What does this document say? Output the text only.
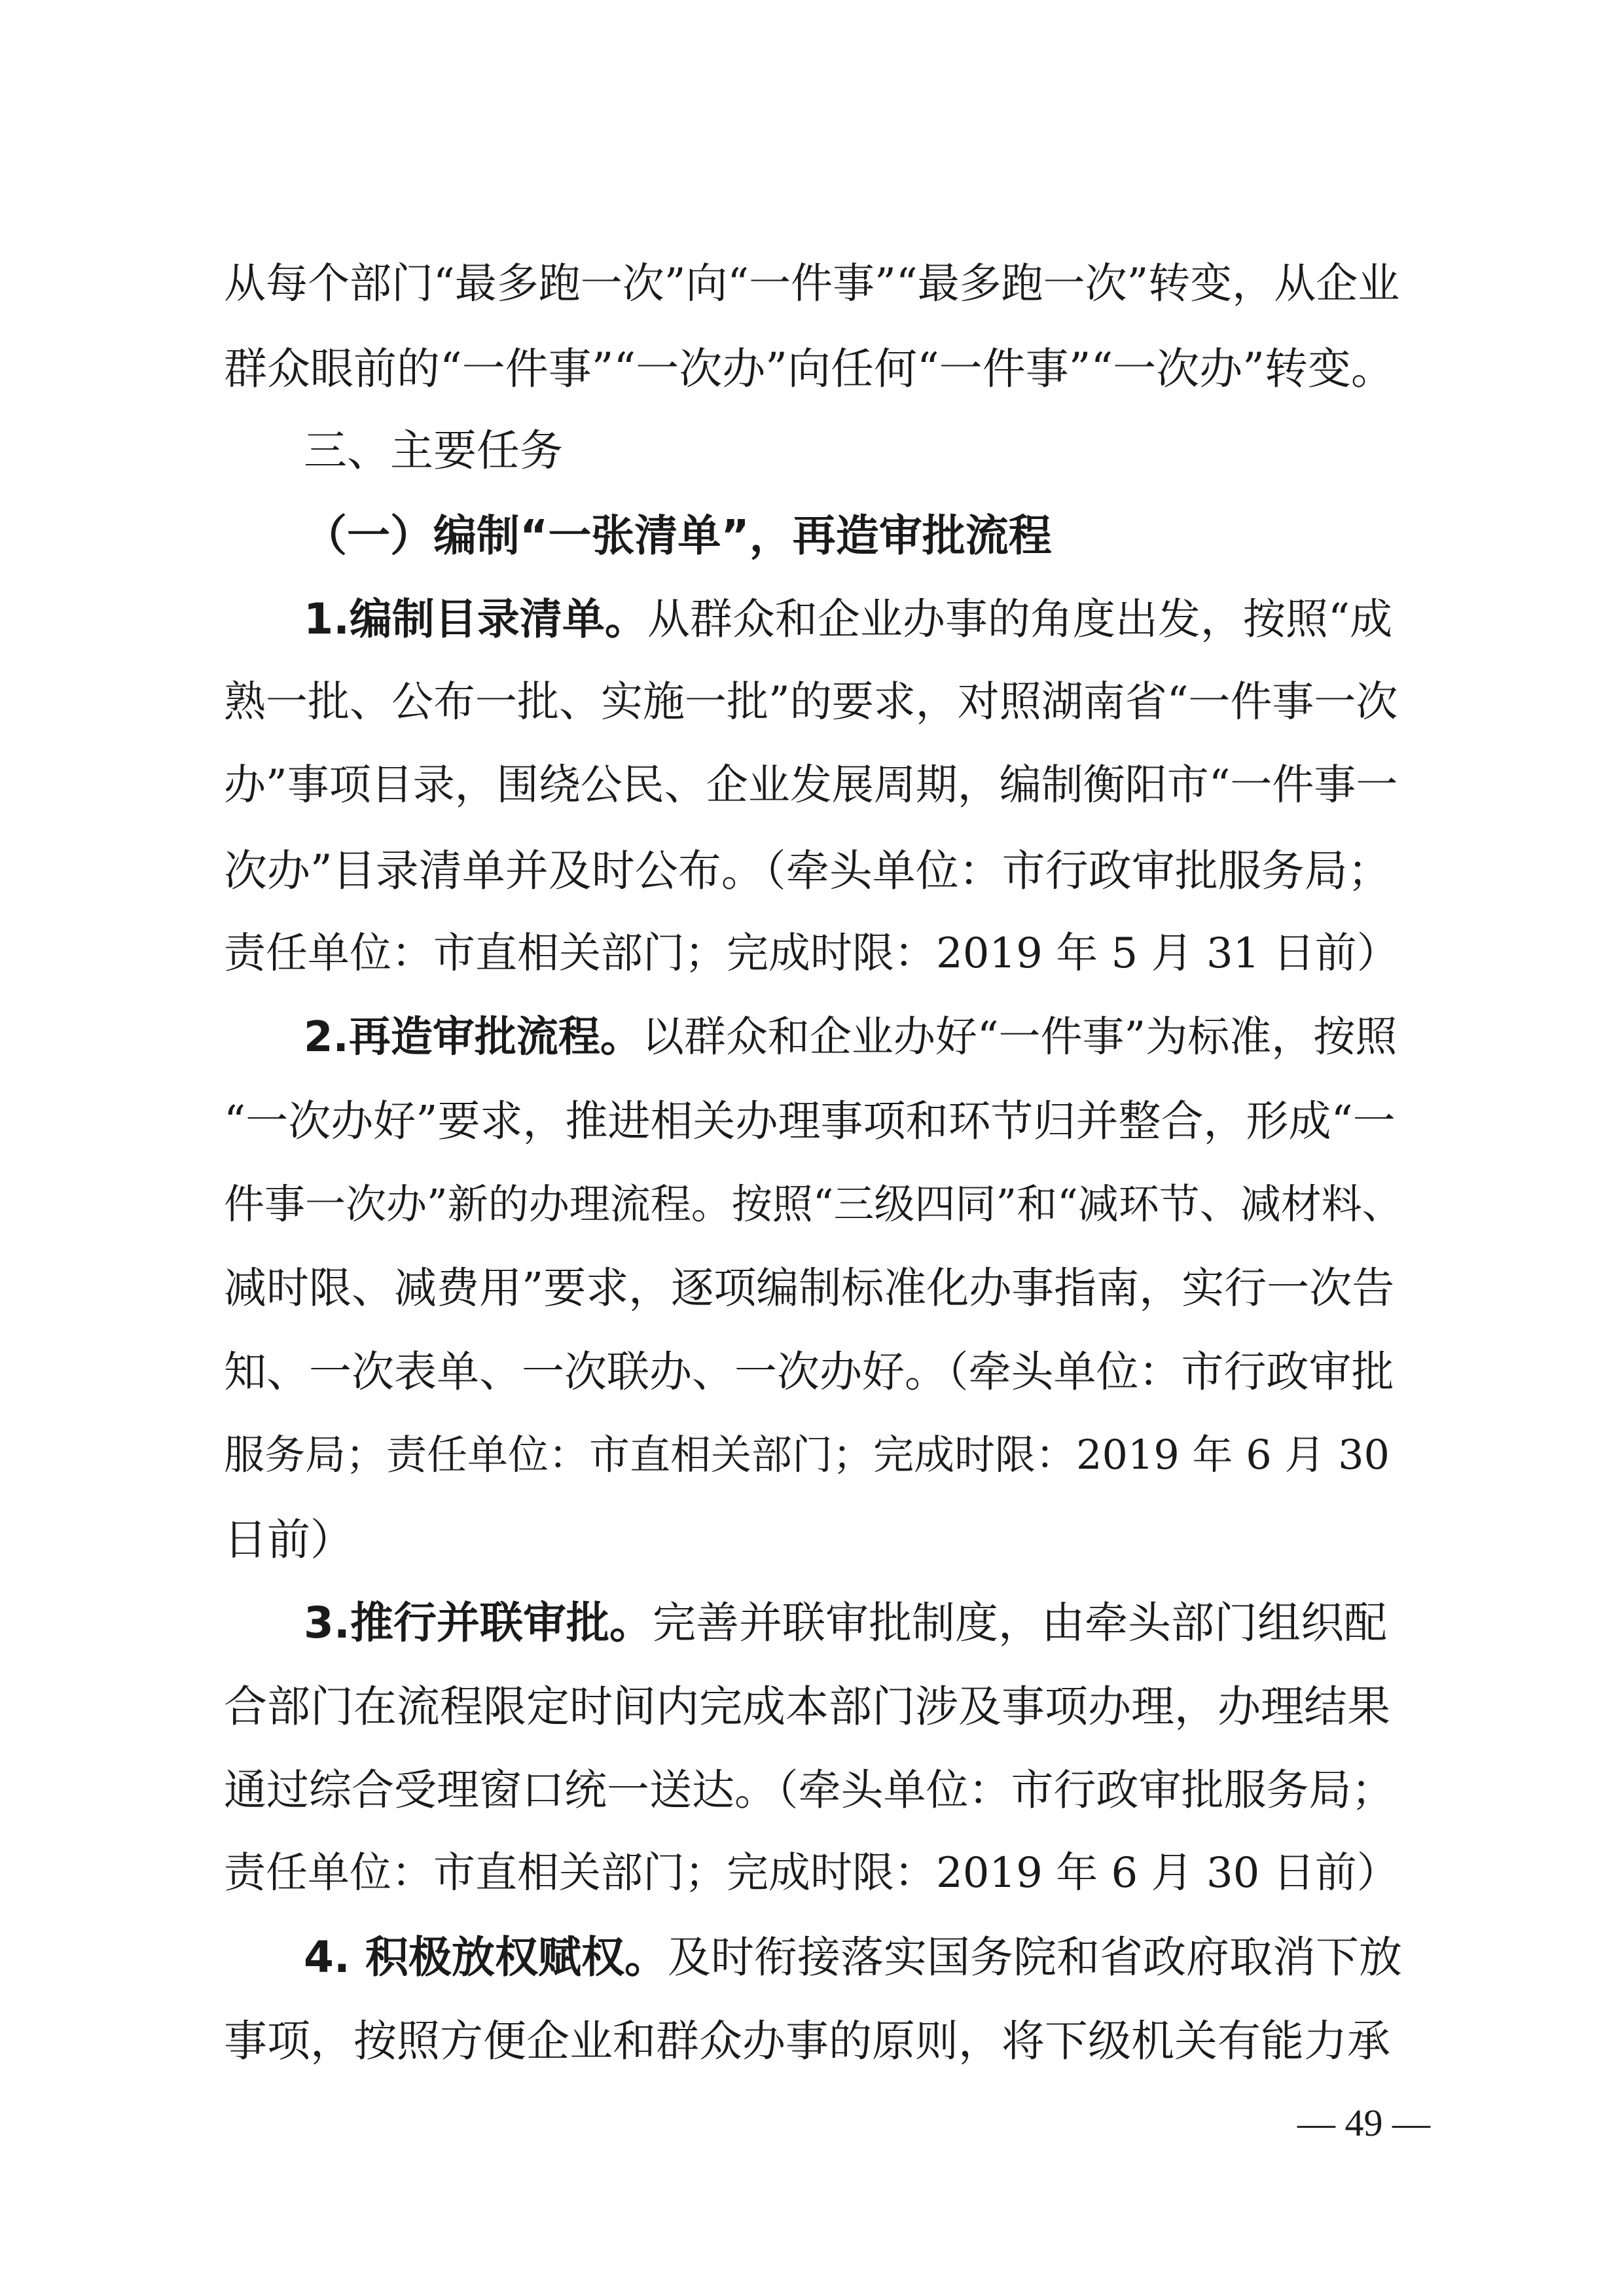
从每个部门“最多跑一次”向“一件事”“最多跑一次”转变，从企业
群众眼前的“一件事”“一次办”向任何“一件事”“一次办”转变。
三、主要任务
（一）编制“一张清单”，再造审批流程
1.编制目录清单。从群众和企业办事的角度出发，按照“成
熟一批、公布一批、实施一批”的要求，对照湖南省“一件事一次
办”事项目录，围绕公民、企业发展周期，编制衡阳市“一件事一
次办”目录清单并及时公布。（牵头单位：市行政审批服务局；
责任单位：市直相关部门；完成时限：2019 年 5 月 31 日前）
2.再造审批流程。以群众和企业办好“一件事”为标准，按照
“一次办好”要求，推进相关办理事项和环节归并整合，形成“一
件事一次办”新的办理流程。按照“三级四同”和“减环节、减材料、
减时限、减费用”要求，逐项编制标准化办事指南，实行一次告
知、一次表单、一次联办、一次办好。（牵头单位：市行政审批
服务局；责任单位：市直相关部门；完成时限：2019 年 6 月 30
日前）
3.推行并联审批。完善并联审批制度，由牵头部门组织配
合部门在流程限定时间内完成本部门涉及事项办理，办理结果
通过综合受理窗口统一送达。（牵头单位：市行政审批服务局；
责任单位：市直相关部门；完成时限：2019 年 6 月 30 日前）
4. 积极放权赋权。及时衔接落实国务院和省政府取消下放
事项，按照方便企业和群众办事的原则，将下级机关有能力承
— 49 —
